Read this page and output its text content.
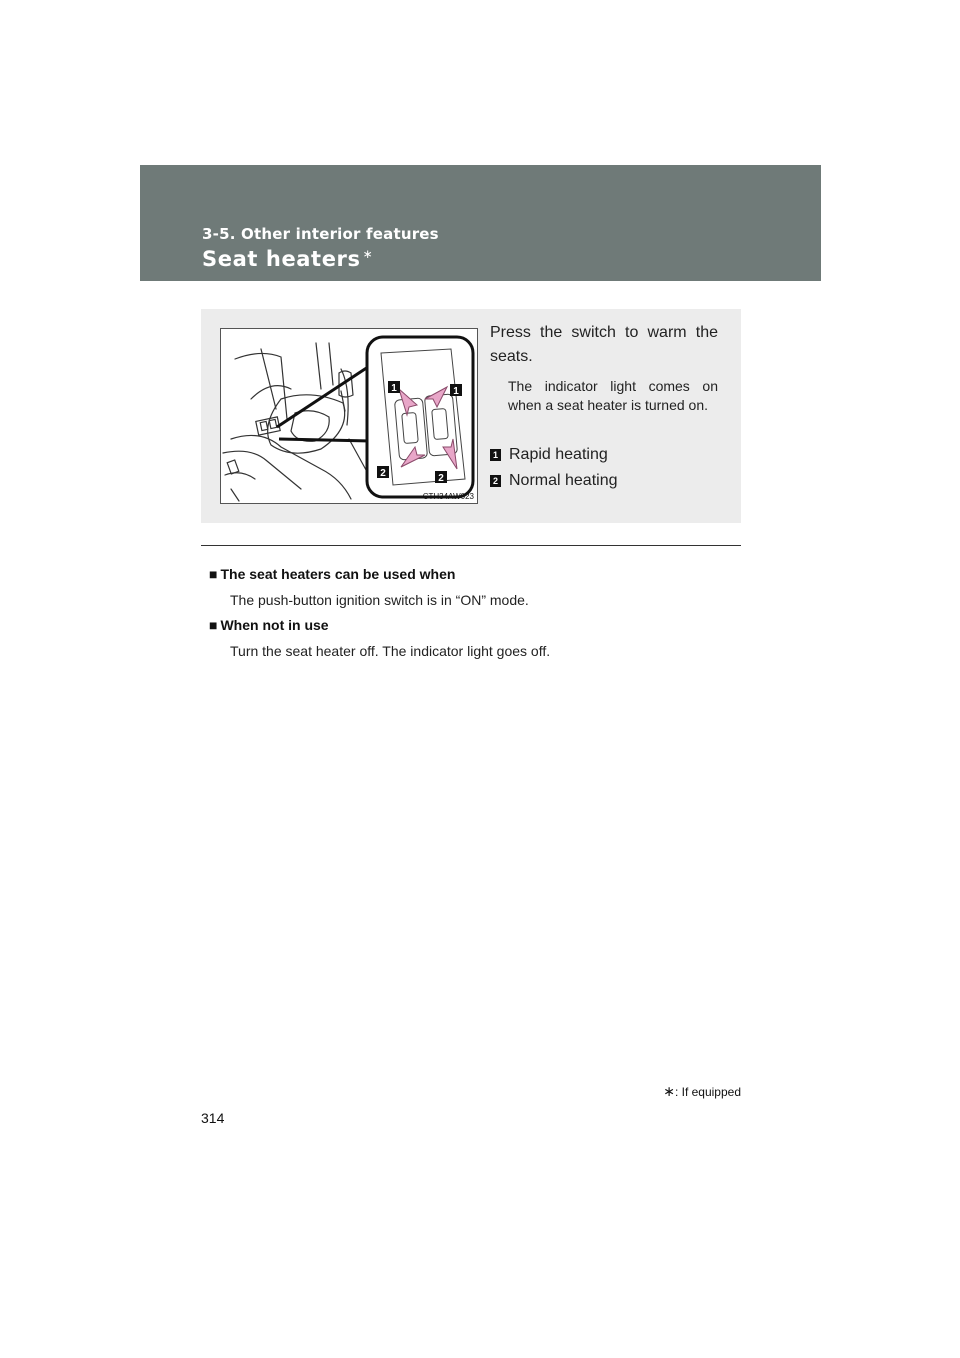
3-5. Other interior features
Seat heaters ∗
1	1
2	2
CTH34AW023

Press the switch to warm the seats.

The indicator light comes on when a seat heater is turned on.

1 Rapid heating
2 Normal heating
■ The seat heaters can be used when
The push-button ignition switch is in “ON” mode.
■ When not in use
Turn the seat heater off. The indicator light goes off.
∗: If equipped
314
